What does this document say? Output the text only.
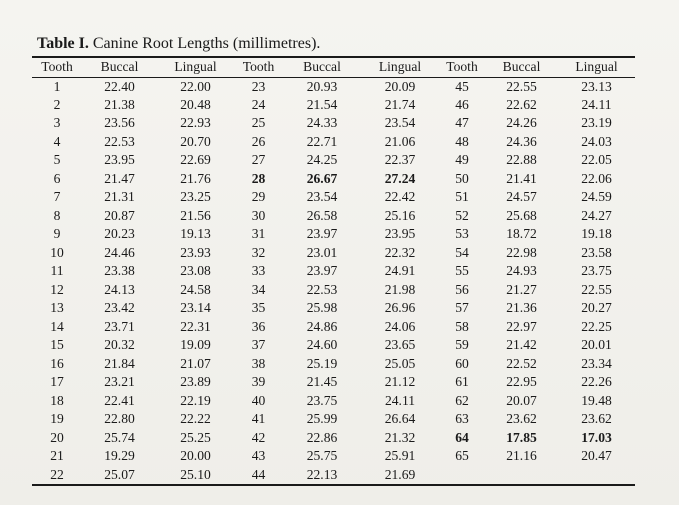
Table I. Canine Root Lengths (millimetres).
Tooth	Buccal	Lingual	Tooth	Buccal	Lingual	Tooth	Buccal	Lingual
1	22.40	22.00	23	20.93	20.09	45	22.55	23.13
2	21.38	20.48	24	21.54	21.74	46	22.62	24.11
3	23.56	22.93	25	24.33	23.54	47	24.26	23.19
4	22.53	20.70	26	22.71	21.06	48	24.36	24.03
5	23.95	22.69	27	24.25	22.37	49	22.88	22.05
6	21.47	21.76	28	26.67	27.24	50	21.41	22.06
7	21.31	23.25	29	23.54	22.42	51	24.57	24.59
8	20.87	21.56	30	26.58	25.16	52	25.68	24.27
9	20.23	19.13	31	23.97	23.95	53	18.72	19.18
10	24.46	23.93	32	23.01	22.32	54	22.98	23.58
11	23.38	23.08	33	23.97	24.91	55	24.93	23.75
12	24.13	24.58	34	22.53	21.98	56	21.27	22.55
13	23.42	23.14	35	25.98	26.96	57	21.36	20.27
14	23.71	22.31	36	24.86	24.06	58	22.97	22.25
15	20.32	19.09	37	24.60	23.65	59	21.42	20.01
16	21.84	21.07	38	25.19	25.05	60	22.52	23.34
17	23.21	23.89	39	21.45	21.12	61	22.95	22.26
18	22.41	22.19	40	23.75	24.11	62	20.07	19.48
19	22.80	22.22	41	25.99	26.64	63	23.62	23.62
20	25.74	25.25	42	22.86	21.32	64	17.85	17.03
21	19.29	20.00	43	25.75	25.91	65	21.16	20.47
22	25.07	25.10	44	22.13	21.69			
